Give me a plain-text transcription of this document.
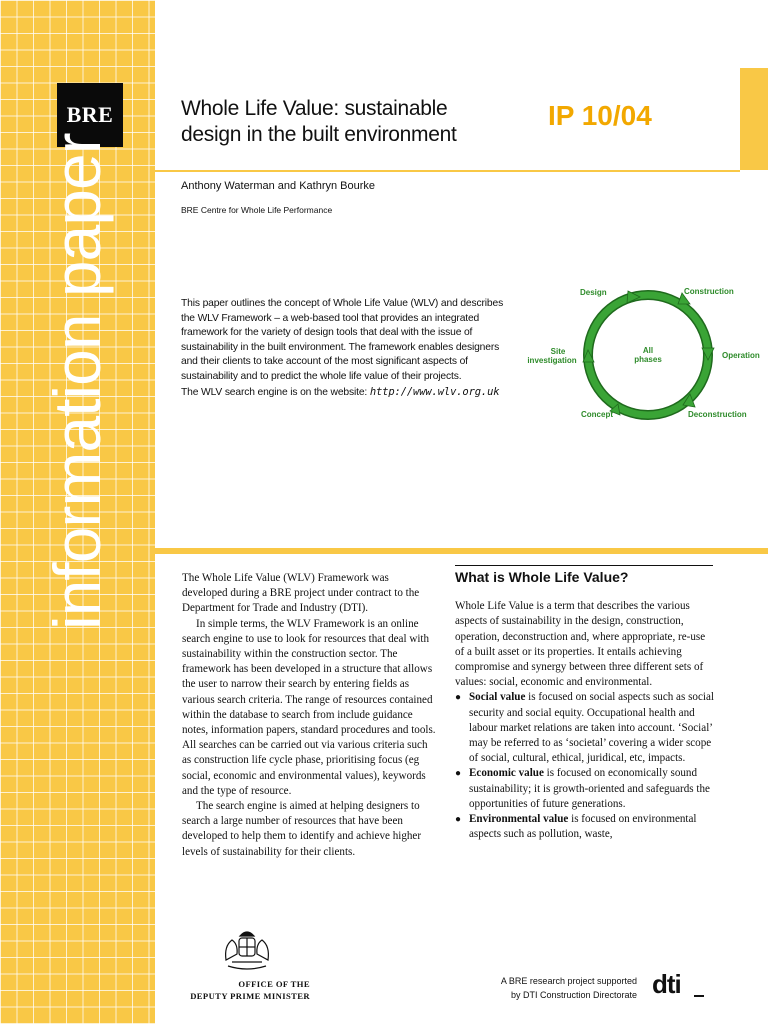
BRE
information paper
Whole Life Value: sustainable
design in the built environment
IP 10/04
Anthony Waterman and Kathryn Bourke
BRE Centre for Whole Life Performance
This paper outlines the concept of Whole Life Value (WLV) and describes the WLV Framework – a web-based tool that provides an integrated framework for the variety of design tools that deal with the issue of sustainability in the built environment. The framework enables designers and their clients to take account of the most significant aspects of sustainability and to predict the whole life value of their projects.
The WLV search engine is on the website: http://www.wlv.org.uk
Design	Construction
Operation
Deconstruction
Concept
Site
investigation
All
phases

The Whole Life Value (WLV) Framework was developed during a BRE project under contract to the Department for Trade and Industry (DTI).

In simple terms, the WLV Framework is an online search engine to use to look for resources that deal with sustainability within the construction sector. The framework has been developed in a structure that allows the user to narrow their search by entering fields as various search criteria. The range of resources contained within the database to search from include guidance notes, information papers, standard procedures and tools. All searches can be carried out via various criteria such as construction life cycle phase, prioritising focus (eg social, economic and environmental values), keywords and the type of resource.

The search engine is aimed at helping designers to search a large number of resources that have been developed to help them to identify and achieve higher levels of sustainability for their clients.

What is Whole Life Value?

Whole Life Value is a term that describes the various aspects of sustainability in the design, construction, operation, deconstruction and, where appropriate, re-use of a built asset or its properties. It entails achieving compromise and synergy between three different sets of values: social, economic and environmental.

● Social value is focused on social aspects such as social security and social equity. Occupational health and labour market relations are taken into account. ‘Social’ may be referred to as ‘societal’ covering a wider scope of social, cultural, ethical, juridical, etc, impacts.
● Economic value is focused on economically sound sustainability; it is growth-oriented and safeguards the opportunities of future generations.
● Environmental value is focused on environmental aspects such as pollution, waste,
OFFICE OF THE
DEPUTY PRIME MINISTER
A BRE research project supported
by DTI Construction Directorate dti
